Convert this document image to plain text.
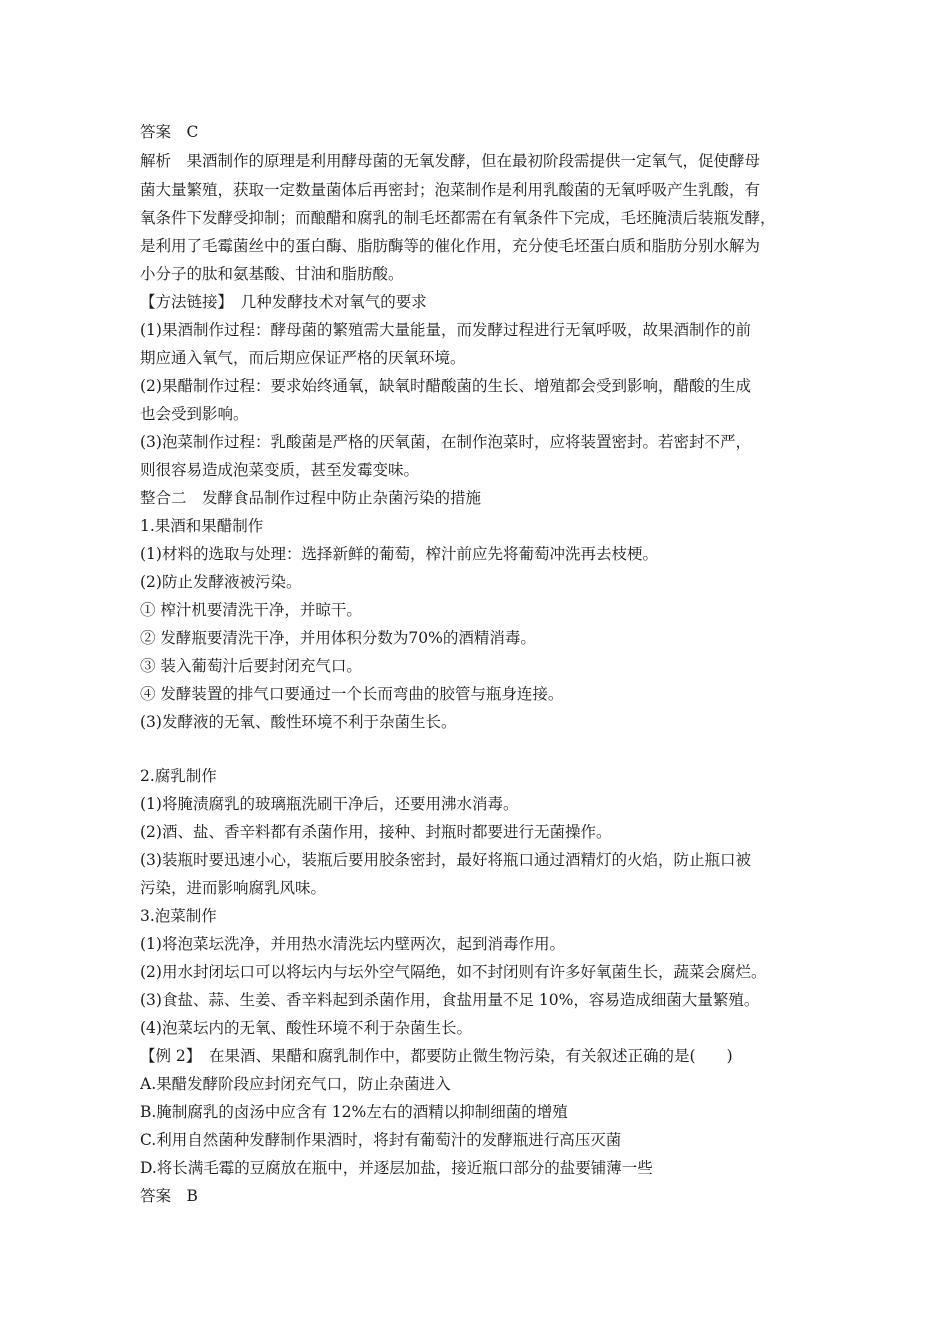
答案　C
解析　果酒制作的原理是利用酵母菌的无氧发酵，但在最初阶段需提供一定氧气，促使酵母
菌大量繁殖，获取一定数量菌体后再密封；泡菜制作是利用乳酸菌的无氧呼吸产生乳酸，有
氧条件下发酵受抑制；而酿醋和腐乳的制毛坯都需在有氧条件下完成，毛坯腌渍后装瓶发酵，
是利用了毛霉菌丝中的蛋白酶、脂肪酶等的催化作用，充分使毛坯蛋白质和脂肪分别水解为
小分子的肽和氨基酸、甘油和脂肪酸。
【方法链接】　几种发酵技术对氧气的要求
(1)果酒制作过程：酵母菌的繁殖需大量能量，而发酵过程进行无氧呼吸，故果酒制作的前
期应通入氧气，而后期应保证严格的厌氧环境。
(2)果醋制作过程：要求始终通氧，缺氧时醋酸菌的生长、增殖都会受到影响，醋酸的生成
也会受到影响。
(3)泡菜制作过程：乳酸菌是严格的厌氧菌，在制作泡菜时，应将装置密封。若密封不严，
则很容易造成泡菜变质，甚至发霉变味。
整合二　发酵食品制作过程中防止杂菌污染的措施
1.果酒和果醋制作
(1)材料的选取与处理：选择新鲜的葡萄，榨汁前应先将葡萄冲洗再去枝梗。
(2)防止发酵液被污染。
① 榨汁机要清洗干净，并晾干。
② 发酵瓶要清洗干净，并用体积分数为70%的酒精消毒。
③ 装入葡萄汁后要封闭充气口。
④ 发酵装置的排气口要通过一个长而弯曲的胶管与瓶身连接。
(3)发酵液的无氧、酸性环境不利于杂菌生长。
2.腐乳制作
(1)将腌渍腐乳的玻璃瓶洗刷干净后，还要用沸水消毒。
(2)酒、盐、香辛料都有杀菌作用，接种、封瓶时都要进行无菌操作。
(3)装瓶时要迅速小心，装瓶后要用胶条密封，最好将瓶口通过酒精灯的火焰，防止瓶口被
污染，进而影响腐乳风味。
3.泡菜制作
(1)将泡菜坛洗净，并用热水清洗坛内壁两次，起到消毒作用。
(2)用水封闭坛口可以将坛内与坛外空气隔绝，如不封闭则有许多好氧菌生长，蔬菜会腐烂。
(3)食盐、蒜、生姜、香辛料起到杀菌作用，食盐用量不足 10%，容易造成细菌大量繁殖。
(4)泡菜坛内的无氧、酸性环境不利于杂菌生长。
【例 2】　在果酒、果醋和腐乳制作中，都要防止微生物污染，有关叙述正确的是(　　)
A.果醋发酵阶段应封闭充气口，防止杂菌进入
B.腌制腐乳的卤汤中应含有 12%左右的酒精以抑制细菌的增殖
C.利用自然菌种发酵制作果酒时，将封有葡萄汁的发酵瓶进行高压灭菌
D.将长满毛霉的豆腐放在瓶中，并逐层加盐，接近瓶口部分的盐要铺薄一些
答案　B
